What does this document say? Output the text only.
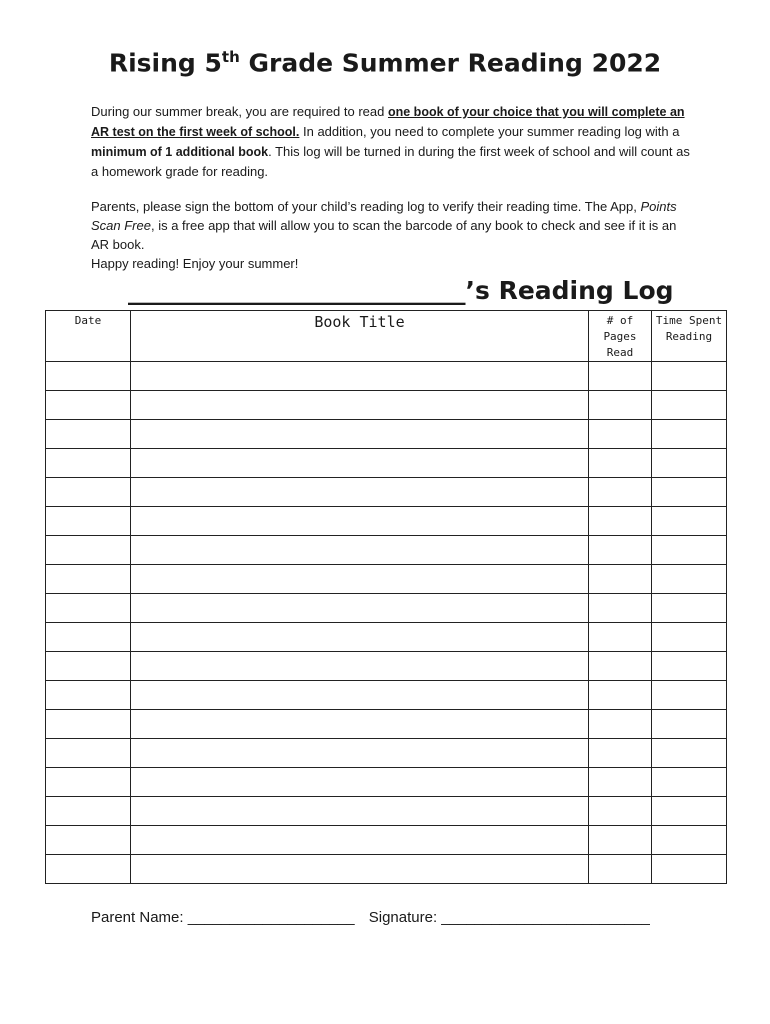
Rising 5th Grade Summer Reading 2022
During our summer break, you are required to read one book of your choice that you will complete an AR test on the first week of school. In addition, you need to complete your summer reading log with a minimum of 1 additional book. This log will be turned in during the first week of school and will count as a homework grade for reading.
Parents, please sign the bottom of your child’s reading log to verify their reading time. The App, Points Scan Free, is a free app that will allow you to scan the barcode of any book to check and see if it is an AR book.
Happy reading! Enjoy your summer!
___________________________’s Reading Log
Date	Book Title	# of Pages Read	Time Spent Reading

Parent Name: ____________________ Signature: _________________________
